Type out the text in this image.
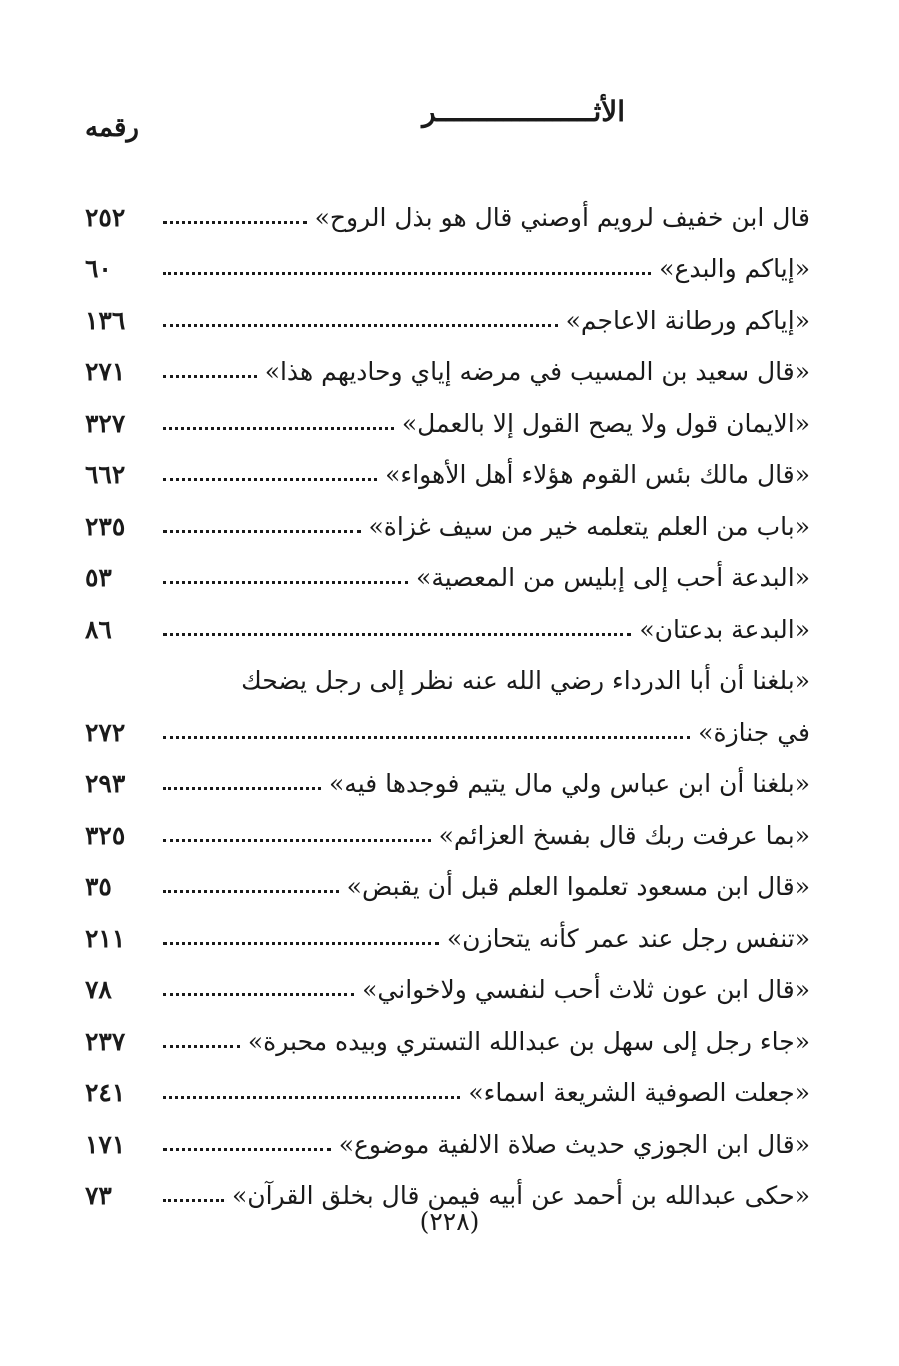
الأثـــــــــــــــــــر
رقمه
قال ابن خفيف لرويم أوصني قال هو بذل الروح»
٢٥٢
«إياكم والبدع»
٦٠
«إياكم ورطانة الاعاجم»
١٣٦
«قال سعيد بن المسيب في مرضه إياي وحاديهم هذا»
٢٧١
«الايمان قول ولا يصح القول إلا بالعمل»
٣٢٧
«قال مالك بئس القوم هؤلاء أهل الأهواء»
٦٦٢
«باب من العلم يتعلمه خير من سيف غزاة»
٢٣٥
«البدعة أحب إلى إبليس من المعصية»
٥٣
«البدعة بدعتان»
٨٦
«بلغنا أن أبا الدرداء رضي الله عنه نظر إلى رجل يضحك
في جنازة»
٢٧٢
«بلغنا أن ابن عباس ولي مال يتيم فوجدها فيه»
٢٩٣
«بما عرفت ربك قال بفسخ العزائم»
٣٢٥
«قال ابن مسعود تعلموا العلم قبل أن يقبض»
٣٥
«تنفس رجل عند عمر كأنه يتحازن»
٢١١
«قال ابن عون ثلاث أحب لنفسي ولاخواني»
٧٨
«جاء رجل إلى سهل بن عبدالله التستري وبيده محبرة»
٢٣٧
«جعلت الصوفية الشريعة اسماء»
٢٤١
«قال ابن الجوزي حديث صلاة الالفية موضوع»
١٧١
«حكى عبدالله بن أحمد عن أبيه فيمن قال بخلق القرآن»
٧٣
(٢٢٨)
